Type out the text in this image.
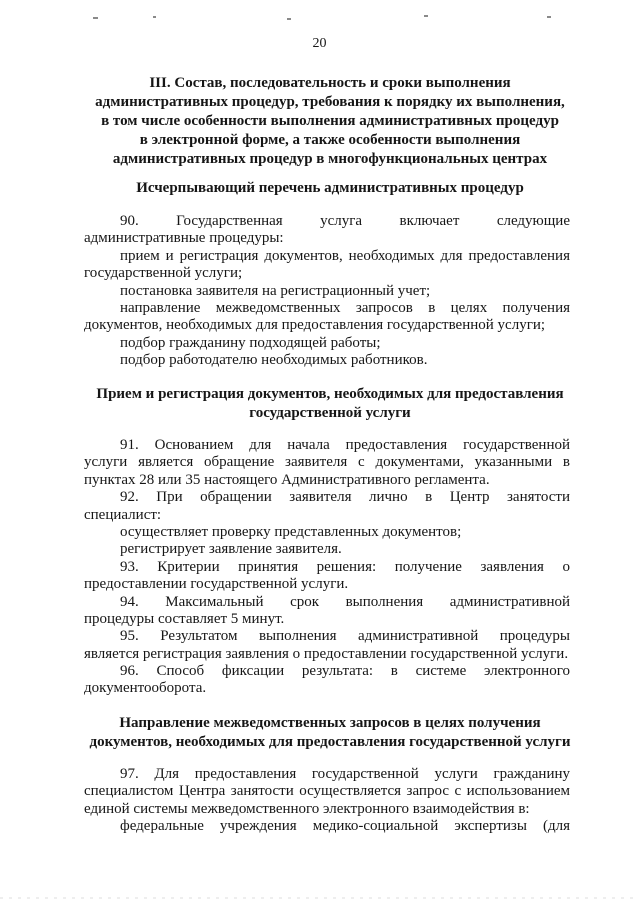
20
III. Состав, последовательность и сроки выполнения
административных процедур, требования к порядку их выполнения,
в том числе особенности выполнения административных процедур
в электронной форме, а также особенности выполнения
административных процедур в многофункциональных центрах
Исчерпывающий перечень административных процедур
90. Государственная услуга включает следующие
административные процедуры:
прием и регистрация документов, необходимых для предоставления
государственной услуги;
постановка заявителя на регистрационный учет;
направление межведомственных запросов в целях получения
документов, необходимых для предоставления государственной услуги;
подбор гражданину подходящей работы;
подбор работодателю необходимых работников.
Прием и регистрация документов, необходимых для предоставления
государственной услуги
91. Основанием для начала предоставления государственной
услуги является обращение заявителя с документами, указанными в
пунктах 28 или 35 настоящего Административного регламента.
92. При обращении заявителя лично в Центр занятости
специалист:
осуществляет проверку представленных документов;
регистрирует заявление заявителя.
93. Критерии принятия решения: получение заявления о
предоставлении государственной услуги.
94. Максимальный срок выполнения административной
процедуры составляет 5 минут.
95. Результатом выполнения административной процедуры
является регистрация заявления о предоставлении государственной услуги.
96. Способ фиксации результата: в системе электронного
документооборота.
Направление межведомственных запросов в целях получения
документов, необходимых для предоставления государственной услуги
97. Для предоставления государственной услуги гражданину
специалистом Центра занятости осуществляется запрос с использованием
единой системы межведомственного электронного взаимодействия в:
федеральные учреждения медико-социальной экспертизы (для
